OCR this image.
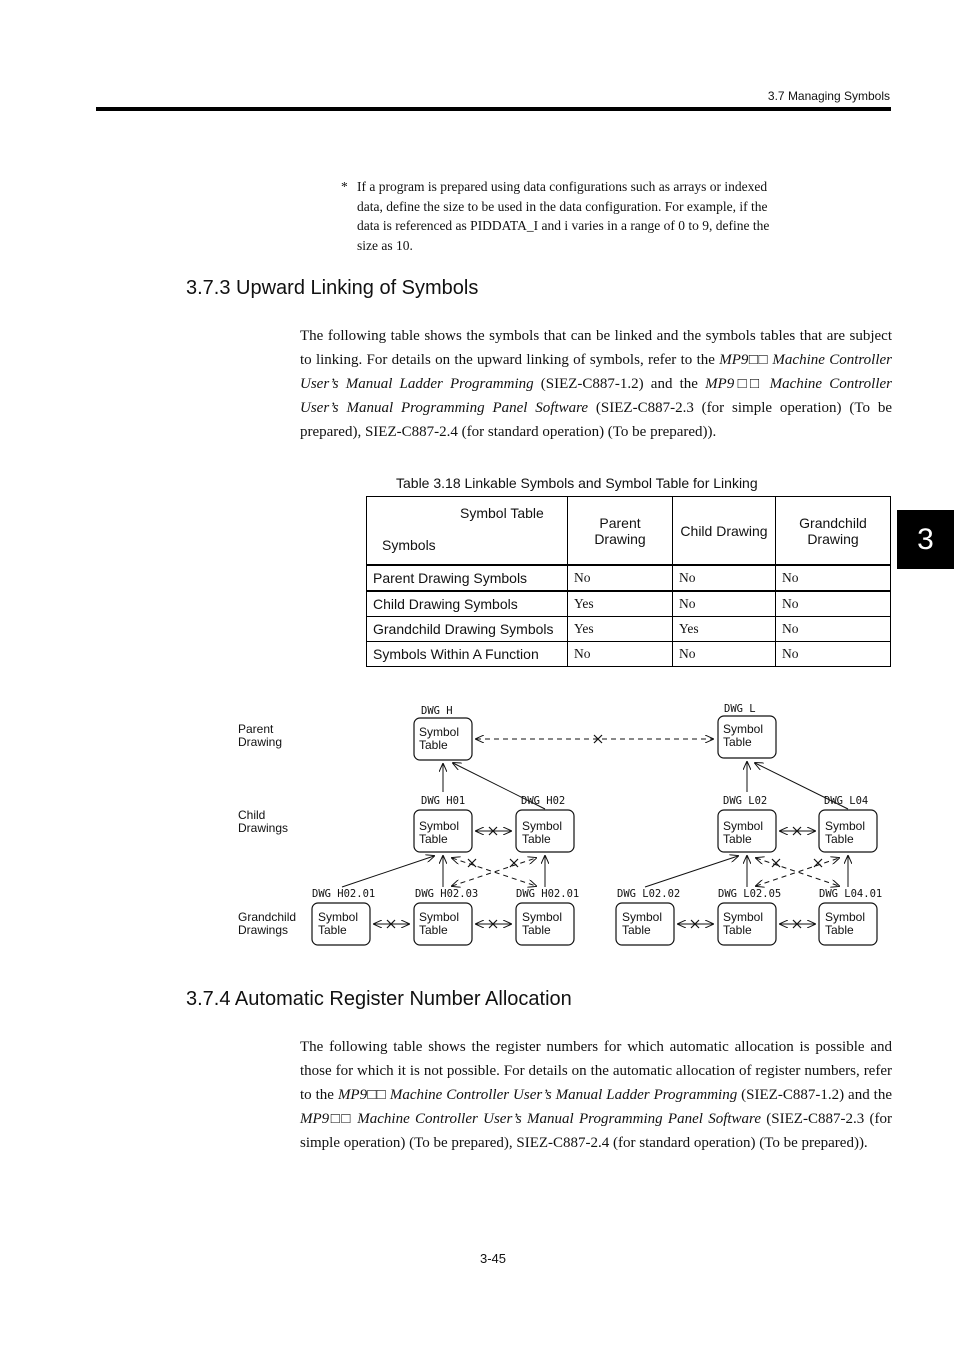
3.7 Managing Symbols
3
* If a program is prepared using data configurations such as arrays or indexed data, define the size to be used in the data configuration. For example, if the data is referenced as PIDDATA_I and i varies in a range of 0 to 9, define the size as 10.
3.7.3 Upward Linking of Symbols
The following table shows the symbols that can be linked and the symbols tables that are subject to linking. For details on the upward linking of symbols, refer to the MP9□□ Machine Controller User’s Manual Ladder Programming (SIEZ-C887-1.2) and the MP9□□ Machine Controller User’s Manual Programming Panel Software (SIEZ-C887-2.3 (for simple operation) (To be prepared), SIEZ-C887-2.4 (for standard operation) (To be prepared)).
Table 3.18 Linkable Symbols and Symbol Table for Linking
Symbol Table
Symbols	Parent Drawing	Child Drawing	Grandchild Drawing
Parent Drawing Symbols	No	No	No
Child Drawing Symbols	Yes	No	No
Grandchild Drawing Symbols	Yes	Yes	No
Symbols Within A Function	No	No	No
Parent
Drawing
Child
Drawings
Grandchild
Drawings
Symbol
Table
Symbol
Table
Symbol
Table
Symbol
Table
Symbol
Table
Symbol
Table
Symbol
Table
Symbol
Table
Symbol
Table
Symbol
Table
Symbol
Table
Symbol
Table
DWG H	DWG L
DWG H01	DWG H02	DWG L02	DWG L04
DWG H02.01	DWG H02.03	DWG H02.01	DWG L02.02	DWG L02.05	DWG L04.01
3.7.4 Automatic Register Number Allocation
The following table shows the register numbers for which automatic allocation is possible and those for which it is not possible. For details on the automatic allocation of register numbers, refer to the MP9□□ Machine Controller User’s Manual Ladder Programming (SIEZ-C887-1.2) and the MP9□□ Machine Controller User’s Manual Programming Panel Software (SIEZ-C887-2.3 (for simple operation) (To be prepared), SIEZ-C887-2.4 (for standard operation) (To be prepared)).
3-45
